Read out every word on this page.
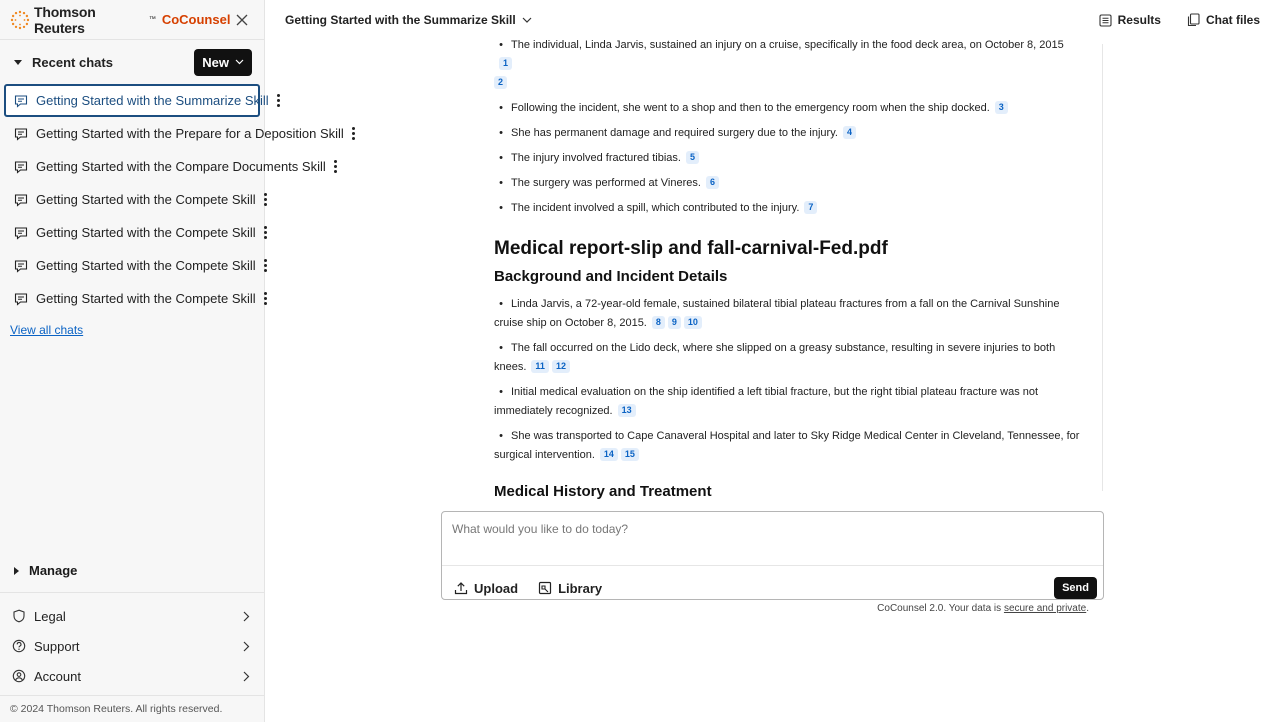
Thomson Reuters	™ CoCounsel
Recent chats	New
Getting Started with the Summarize Skill
Getting Started with the Prepare for a Deposition Skill
Getting Started with the Compare Documents Skill
Getting Started with the Compete Skill
Getting Started with the Compete Skill
Getting Started with the Compete Skill
Getting Started with the Compete Skill
View all chats
Manage
Legal
Support
Account
© 2024 Thomson Reuters. All rights reserved.
Getting Started with the Summarize Skill	Results	Chat files

• The individual, Linda Jarvis, sustained an injury on a cruise, specifically in the food deck area, on October 8, 20151
2

• Following the incident, she went to a shop and then to the emergency room when the ship docked. 3

• She has permanent damage and required surgery due to the injury. 4

• The injury involved fractured tibias. 5

• The surgery was performed at Vineres. 6

• The incident involved a spill, which contributed to the injury. 7

Medical report-slip and fall-carnival-Fed.pdf
Background and Incident Details

• Linda Jarvis, a 72-year-old female, sustained bilateral tibial plateau fractures from a fall on the Carnival Sunshine cruise ship on October 8, 2015. 8 9 10

• The fall occurred on the Lido deck, where she slipped on a greasy substance, resulting in severe injuries to both knees. 11 12

• Initial medical evaluation on the ship identified a left tibial fracture, but the right tibial plateau fracture was not immediately recognized. 13

• She was transported to Cape Canaveral Hospital and later to Sky Ridge Medical Center in Cleveland, Tennessee, for surgical intervention. 14 15

Medical History and Treatment
What would you like to do today?
Upload	Library	Send
CoCounsel 2.0. Your data is secure and private.
